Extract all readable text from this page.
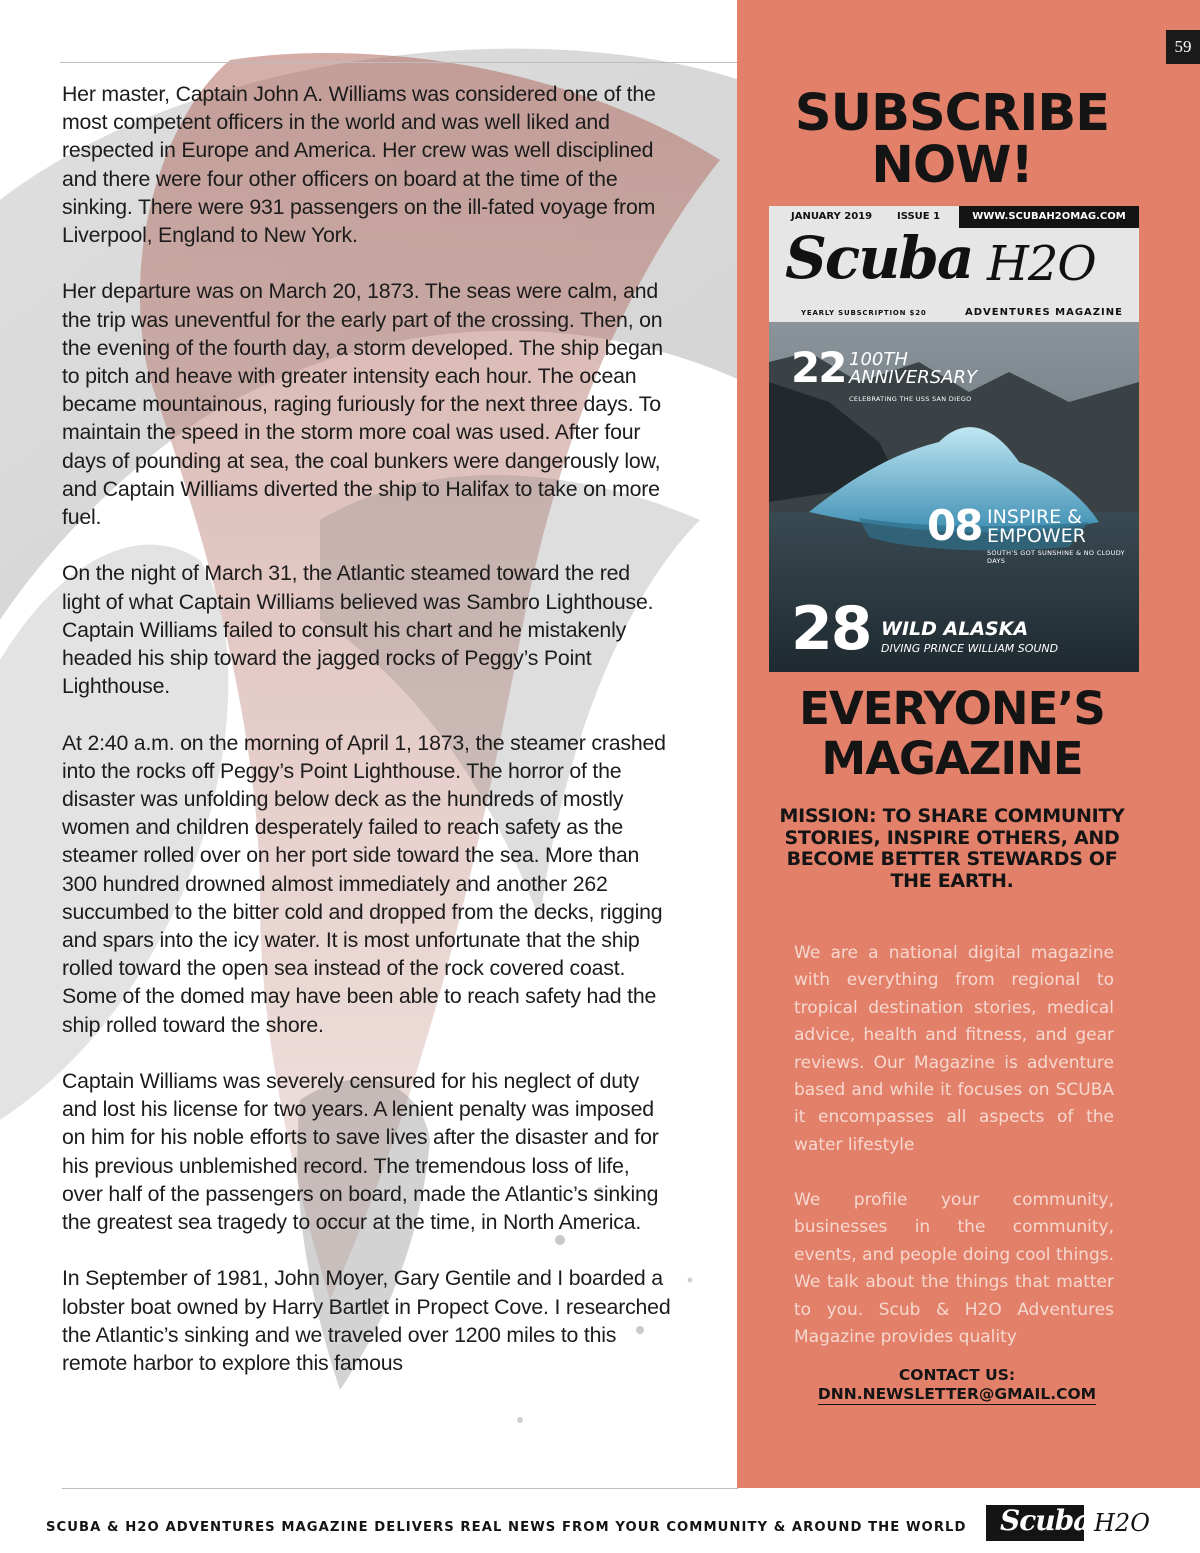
Her master, Captain John A. Williams was considered one of the most competent officers in the world and was well liked and respected in Europe and America. Her crew was well disciplined and there were four other officers on board at the time of the sinking. There were 931 passengers on the ill-fated voyage from Liverpool, England to New York.

Her departure was on March 20, 1873. The seas were calm, and the trip was uneventful for the early part of the crossing. Then, on the evening of the fourth day, a storm developed. The ship began to pitch and heave with greater intensity each hour. The ocean became mountainous, raging furiously for the next three days. To maintain the speed in the storm more coal was used. After four days of pounding at sea, the coal bunkers were dangerously low, and Captain Williams diverted the ship to Halifax to take on more fuel.

On the night of March 31, the Atlantic steamed toward the red light of what Captain Williams believed was Sambro Lighthouse. Captain Williams failed to consult his chart and he mistakenly headed his ship toward the jagged rocks of Peggy’s Point Lighthouse.

At 2:40 a.m. on the morning of April 1, 1873, the steamer crashed into the rocks off Peggy’s Point Lighthouse. The horror of the disaster was unfolding below deck as the hundreds of mostly women and children desperately failed to reach safety as the steamer rolled over on her port side toward the sea. More than 300 hundred drowned almost immediately and another 262 succumbed to the bitter cold and dropped from the decks, rigging and spars into the icy water. It is most unfortunate that the ship rolled toward the open sea instead of the rock covered coast. Some of the domed may have been able to reach safety had the ship rolled toward the shore.

Captain Williams was severely censured for his neglect of duty and lost his license for two years. A lenient penalty was imposed on him for his noble efforts to save lives after the disaster and for his previous unblemished record. The tremendous loss of life, over half of the passengers on board, made the Atlantic’s sinking the greatest sea tragedy to occur at the time, in North America.

In September of 1981, John Moyer, Gary Gentile and I boarded a lobster boat owned by Harry Bartlet in Propect Cove. I researched the Atlantic’s sinking and we traveled over 1200 miles to this remote harbor to explore this famous

SUBSCRIBE
NOW!
JANUARY 2019 ISSUE 1	WWW.SCUBAH2OMAG.COM
Scuba H2O
YEARLY SUBSCRIPTION $20	ADVENTURES MAGAZINE
22 100TH
ANNIVERSARY
CELEBRATING THE USS SAN DIEGO
08 INSPIRE &
EMPOWER
SOUTH'S GOT SUNSHINE & NO CLOUDY DAYS
28 WILD ALASKA
DIVING PRINCE WILLIAM SOUND
EVERYONE’S
MAGAZINE
MISSION: TO SHARE COMMUNITY STORIES, INSPIRE OTHERS, AND BECOME BETTER STEWARDS OF THE EARTH.
We are a national digital magazine with everything from regional to tropical destination stories, medical advice, health and fitness, and gear reviews. Our Magazine is adventure based and while it focuses on SCUBA it encompasses all aspects of the water lifestyle
We profile your community, businesses in the community, events, and people doing cool things. We talk about the things that matter to you. Scub & H2O Adventures Magazine provides quality
CONTACT US:
DNN.NEWSLETTER@GMAIL.COM
59
SCUBA & H2O ADVENTURES MAGAZINE DELIVERS REAL NEWS FROM YOUR COMMUNITY & AROUND THE WORLD Scuba H2O
